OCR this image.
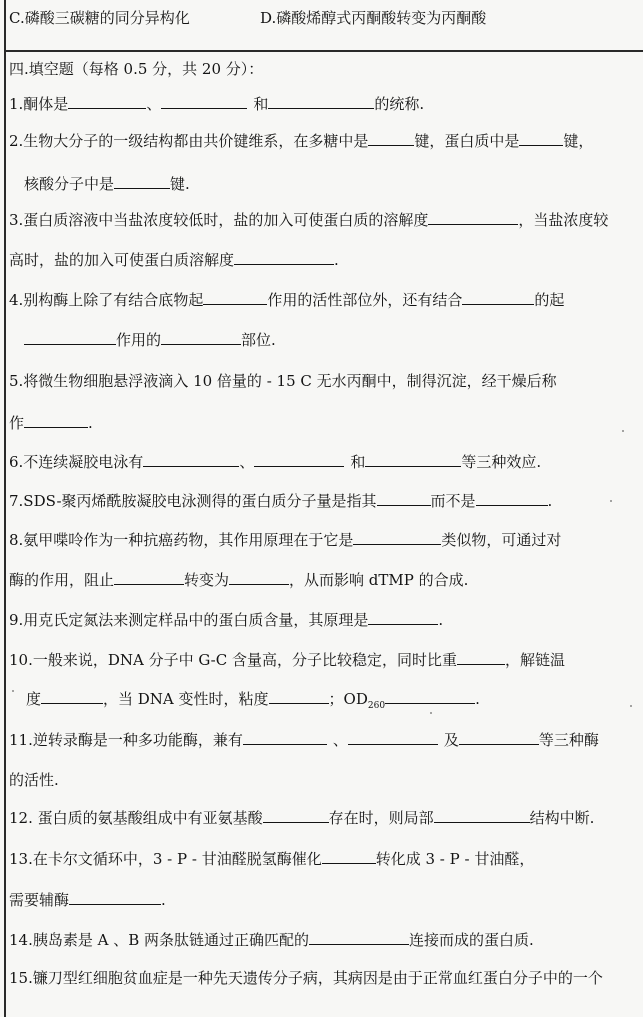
C.磷酸三碳糖的同分异构化	D.磷酸烯醇式丙酮酸转变为丙酮酸
四.填空题（每格 0.5 分，共 20 分）：
1.酮体是	、	和	的统称.
2.生物大分子的一级结构都由共价键维系，在多糖中是	键，蛋白质中是	键，
核酸分子中是	键.
3.蛋白质溶液中当盐浓度较低时，盐的加入可使蛋白质的溶解度	，当盐浓度较
高时，盐的加入可使蛋白质溶解度	.
4.别构酶上除了有结合底物起	作用的活性部位外，还有结合	的起
作用的	部位.
5.将微生物细胞悬浮液滴入 10 倍量的 - 15 C 无水丙酮中，制得沉淀，经干燥后称
作	.
6.不连续凝胶电泳有	、	和	等三种效应.
7.SDS-聚丙烯酰胺凝胶电泳测得的蛋白质分子量是指其	而不是	.
8.氨甲喋呤作为一种抗癌药物，其作用原理在于它是	类似物，可通过对
酶的作用，阻止	转变为	，从而影响 dTMP 的合成.
9.用克氏定氮法来测定样品中的蛋白质含量，其原理是	.
10.一般来说，DNA 分子中 G-C 含量高，分子比较稳定，同时比重	，解链温
度	，当 DNA 变性时，粘度	；$OD_{260}$	.
11.逆转录酶是一种多功能酶，兼有	、	及	等三种酶
的活性.
12. 蛋白质的氨基酸组成中有亚氨基酸	存在时，则局部	结构中断.
13.在卡尔文循环中，3 - P - 甘油醛脱氢酶催化	转化成 3 - P - 甘油醛，
需要辅酶	.
14.胰岛素是 A 、B 两条肽链通过正确匹配的	连接而成的蛋白质.
15.镰刀型红细胞贫血症是一种先天遗传分子病，其病因是由于正常血红蛋白分子中的一个
